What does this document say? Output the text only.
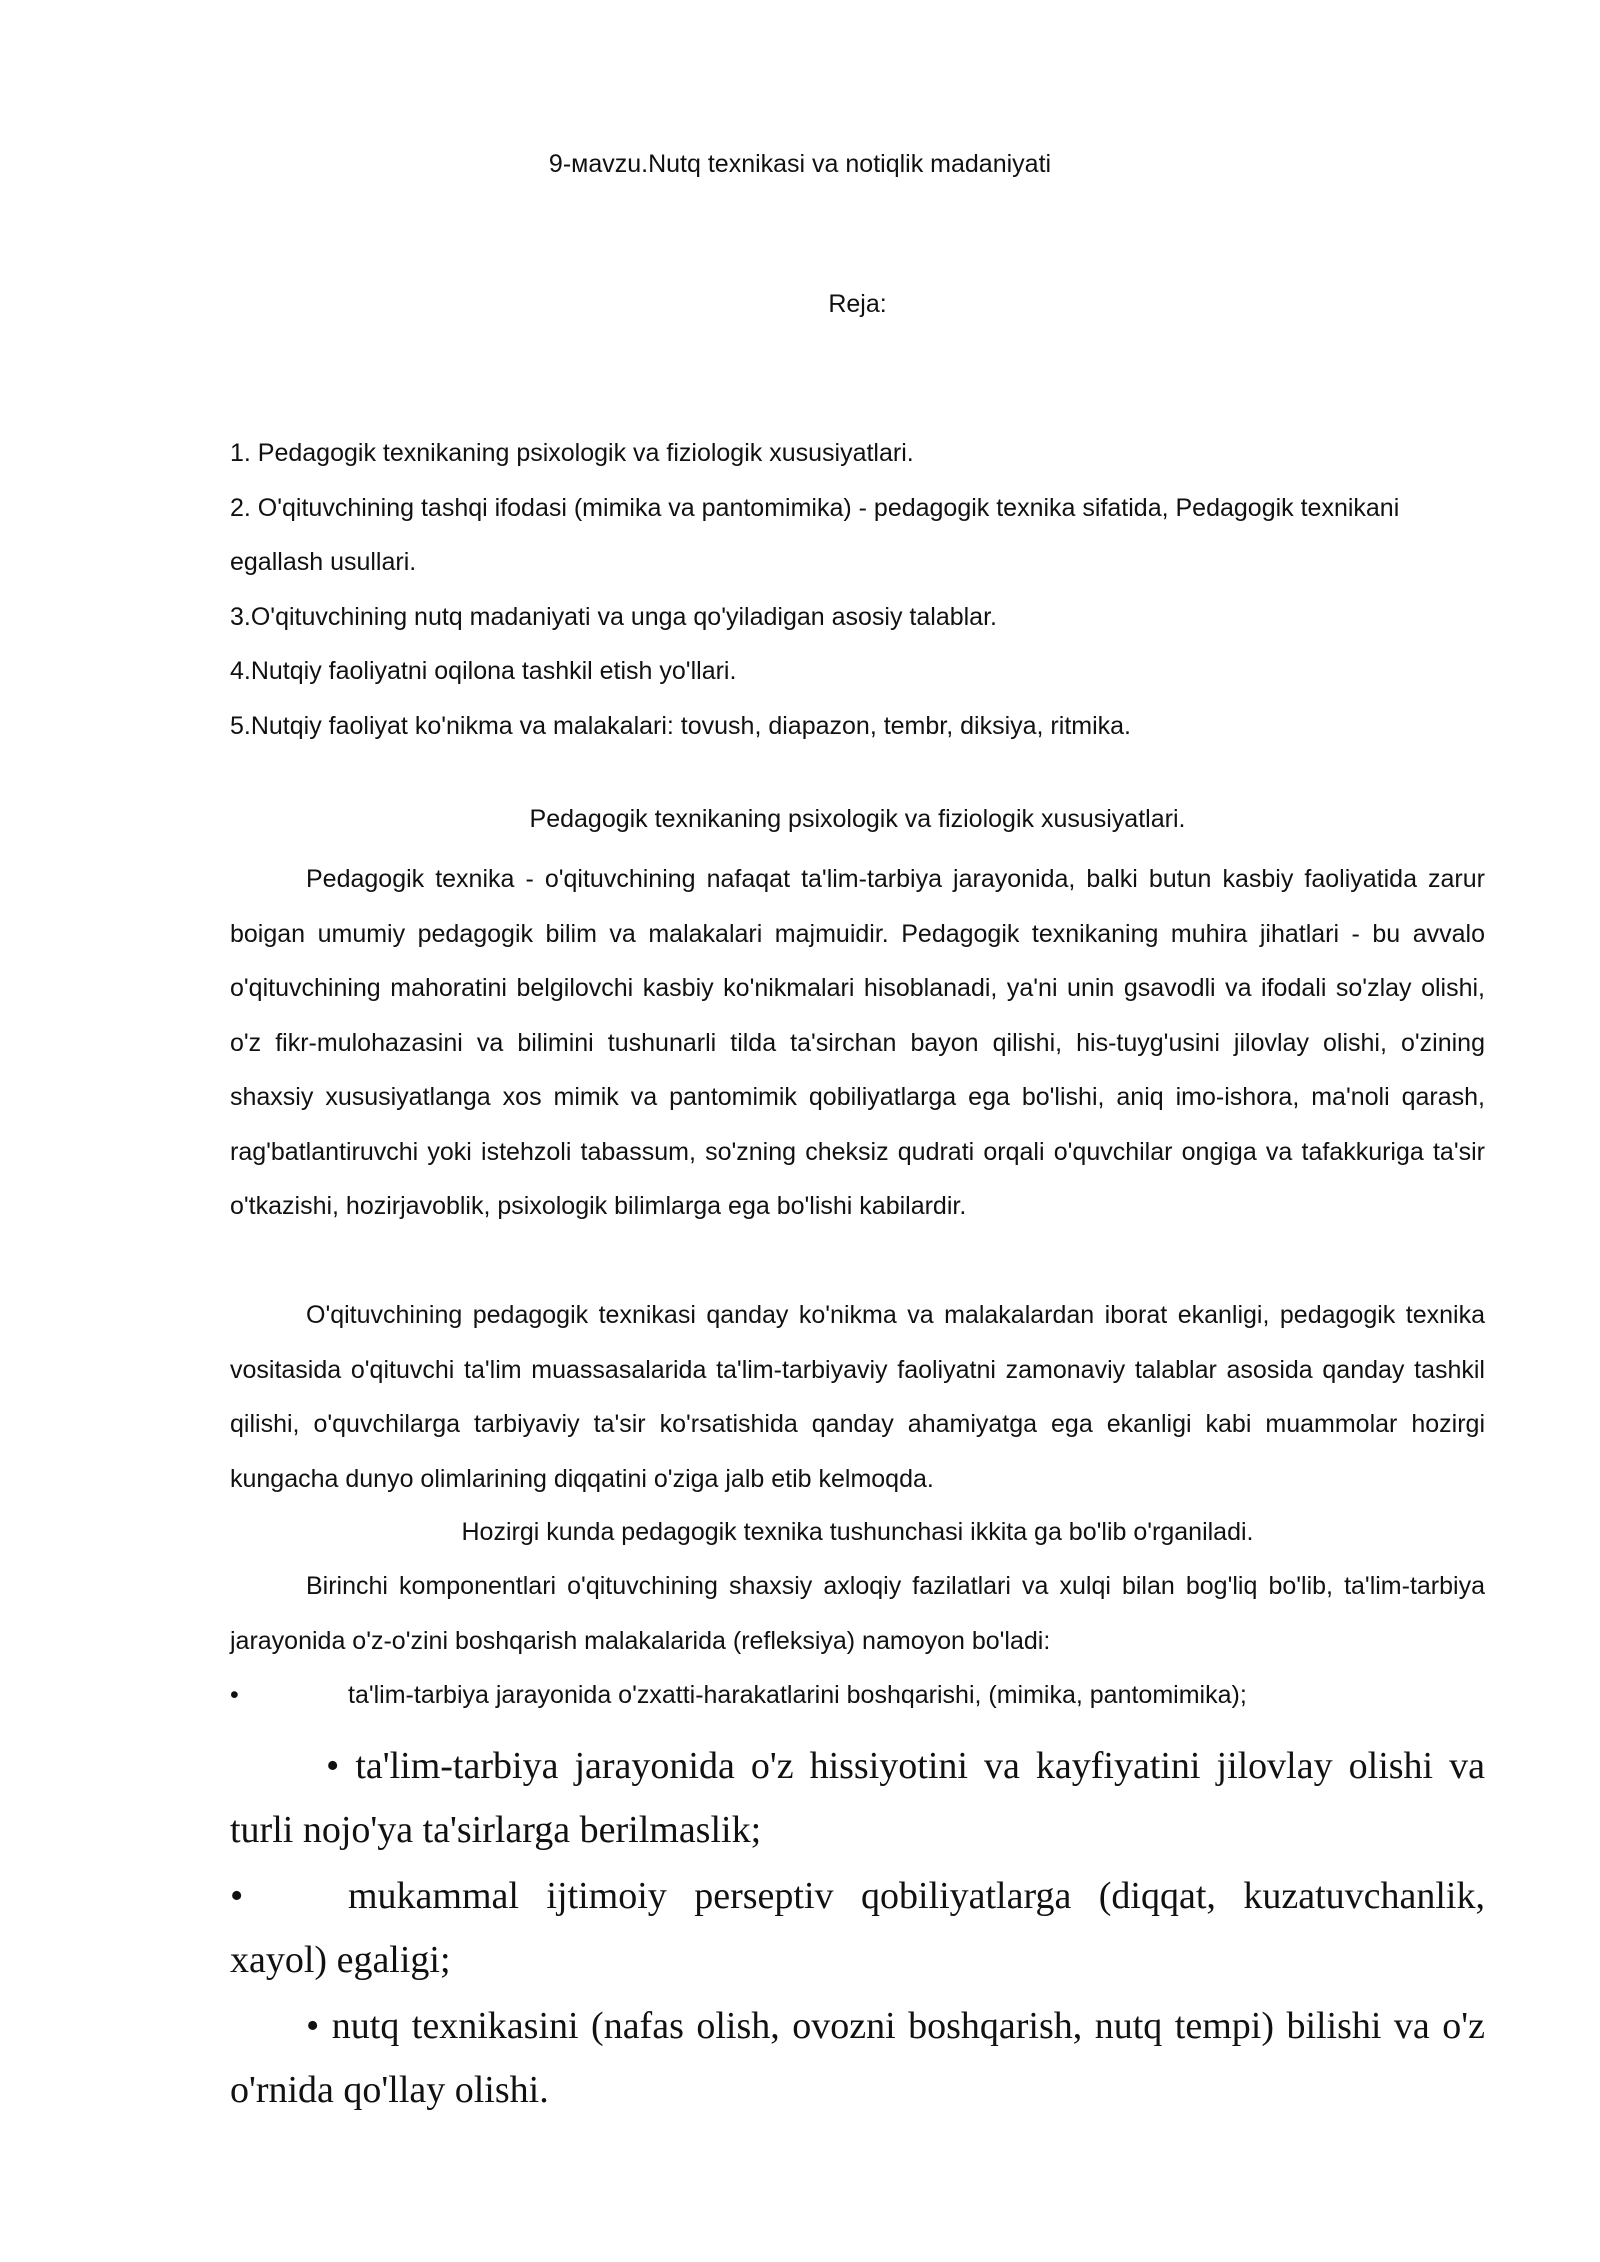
9-мavzu.Nutq texnikasi va notiqlik madaniyati
Reja:
1. Pedagogik texnikaning psixologik va fiziologik xususiyatlari.
2. O'qituvchining tashqi ifodasi (mimika va pantomimika) - pedagogik texnika sifatida, Pedagogik texnikani egallash usullari.
3.O'qituvchining nutq madaniyati va unga qo'yiladigan asosiy talablar.
4.Nutqiy faoliyatni oqilona tashkil etish yo'llari.
5.Nutqiy faoliyat ko'nikma va malakalari: tovush, diapazon, tembr, diksiya, ritmika.
Pedagogik texnikaning psixologik va fiziologik xususiyatlari.

Pedagogik texnika - o'qituvchining nafaqat ta'lim-tarbiya jarayonida, balki butun kasbiy faoliyatida zarur boigan umumiy pedagogik bilim va malakalari majmuidir. Pedagogik texnikaning muhira jihatlari - bu avvalo o'qituvchining mahoratini belgilovchi kasbiy ko'nikmalari hisoblanadi, ya'ni unin gsavodli va ifodali so'zlay olishi, o'z fikr-mulohazasini va bilimini tushunarli tilda ta'sirchan bayon qilishi, his-tuyg'usini jilovlay olishi, o'zining shaxsiy xususiyatlanga xos mimik va pantomimik qobiliyatlarga ega bo'lishi, aniq imo-ishora, ma'noli qarash, rag'batlantiruvchi yoki istehzoli tabassum, so'zning cheksiz qudrati orqali o'quvchilar ongiga va tafakkuriga ta'sir o'tkazishi, hozirjavoblik, psixologik bilimlarga ega bo'lishi kabilardir.

O'qituvchining pedagogik texnikasi qanday ko'nikma va malakalardan iborat ekanligi, pedagogik texnika vositasida o'qituvchi ta'lim muassasalarida ta'lim-tarbiyaviy faoliyatni zamonaviy talablar asosida qanday tashkil qilishi, o'quvchilarga tarbiyaviy ta'sir ko'rsatishida qanday ahamiyatga ega ekanligi kabi muammolar hozirgi kungacha dunyo olimlarining diqqatini o'ziga jalb etib kelmoqda.

Hozirgi kunda pedagogik texnika tushunchasi ikkita ga bo'lib o'rganiladi.

Birinchi komponentlari o'qituvchining shaxsiy axloqiy fazilatlari va xulqi bilan bog'liq bo'lib, ta'lim-tarbiya jarayonida o'z-o'zini boshqarish malakalarida (refleksiya) namoyon bo'ladi:

•	ta'lim-tarbiya jarayonida o'zxatti-harakatlarini boshqarishi, (mimika, pantomimika);

• ta'lim-tarbiya jarayonida o'z hissiyotini va kayfiyatini jilovlay olishi va turli nojo'ya ta'sirlarga berilmaslik;

•	mukammal ijtimoiy perseptiv qobiliyatlarga (diqqat, kuzatuvchanlik, xayol) egaligi;

• nutq texnikasini (nafas olish, ovozni boshqarish, nutq tempi) bilishi va o'z o'rnida qo'llay olishi.
